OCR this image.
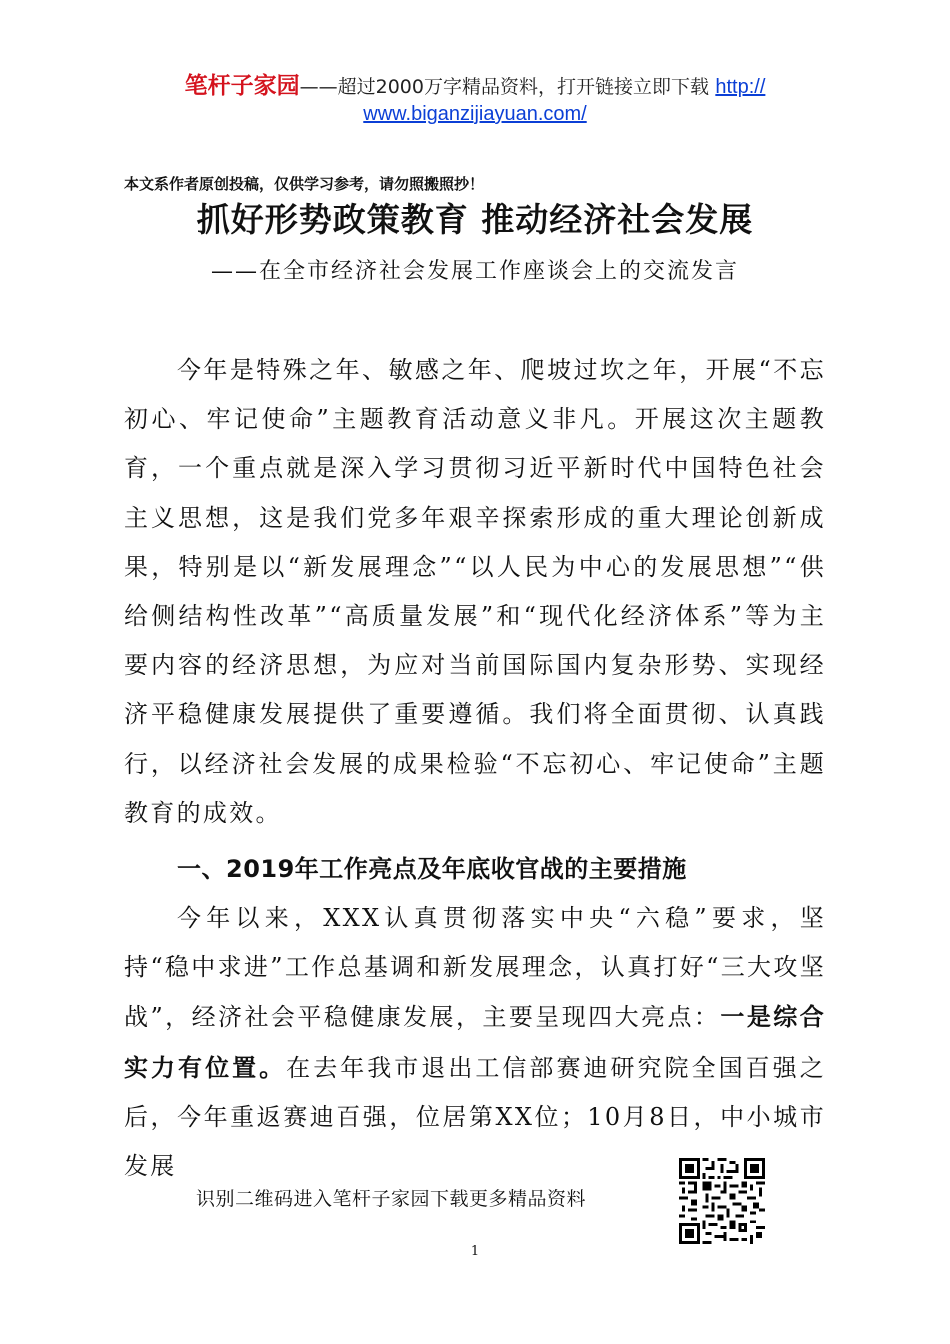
笔杆子家园——超过2000万字精品资料，打开链接立即下载 http://
www.biganzijiayuan.com/
本文系作者原创投稿，仅供学习参考，请勿照搬照抄！
抓好形势政策教育 推动经济社会发展
——在全市经济社会发展工作座谈会上的交流发言
今年是特殊之年、敏感之年、爬坡过坎之年，开展“不忘初心、牢记使命”主题教育活动意义非凡。开展这次主题教育，一个重点就是深入学习贯彻习近平新时代中国特色社会主义思想，这是我们党多年艰辛探索形成的重大理论创新成果，特别是以“新发展理念”“以人民为中心的发展思想”“供给侧结构性改革”“高质量发展”和“现代化经济体系”等为主要内容的经济思想，为应对当前国际国内复杂形势、实现经济平稳健康发展提供了重要遵循。我们将全面贯彻、认真践行，以经济社会发展的成果检验“不忘初心、牢记使命”主题教育的成效。
一、2019年工作亮点及年底收官战的主要措施
今年以来，XXX认真贯彻落实中央“六稳”要求，坚持“稳中求进”工作总基调和新发展理念，认真打好“三大攻坚战”，经济社会平稳健康发展，主要呈现四大亮点：一是综合实力有位置。在去年我市退出工信部赛迪研究院全国百强之后，今年重返赛迪百强，位居第XX位；10月8日，中小城市发展
识别二维码进入笔杆子家园下载更多精品资料
1
